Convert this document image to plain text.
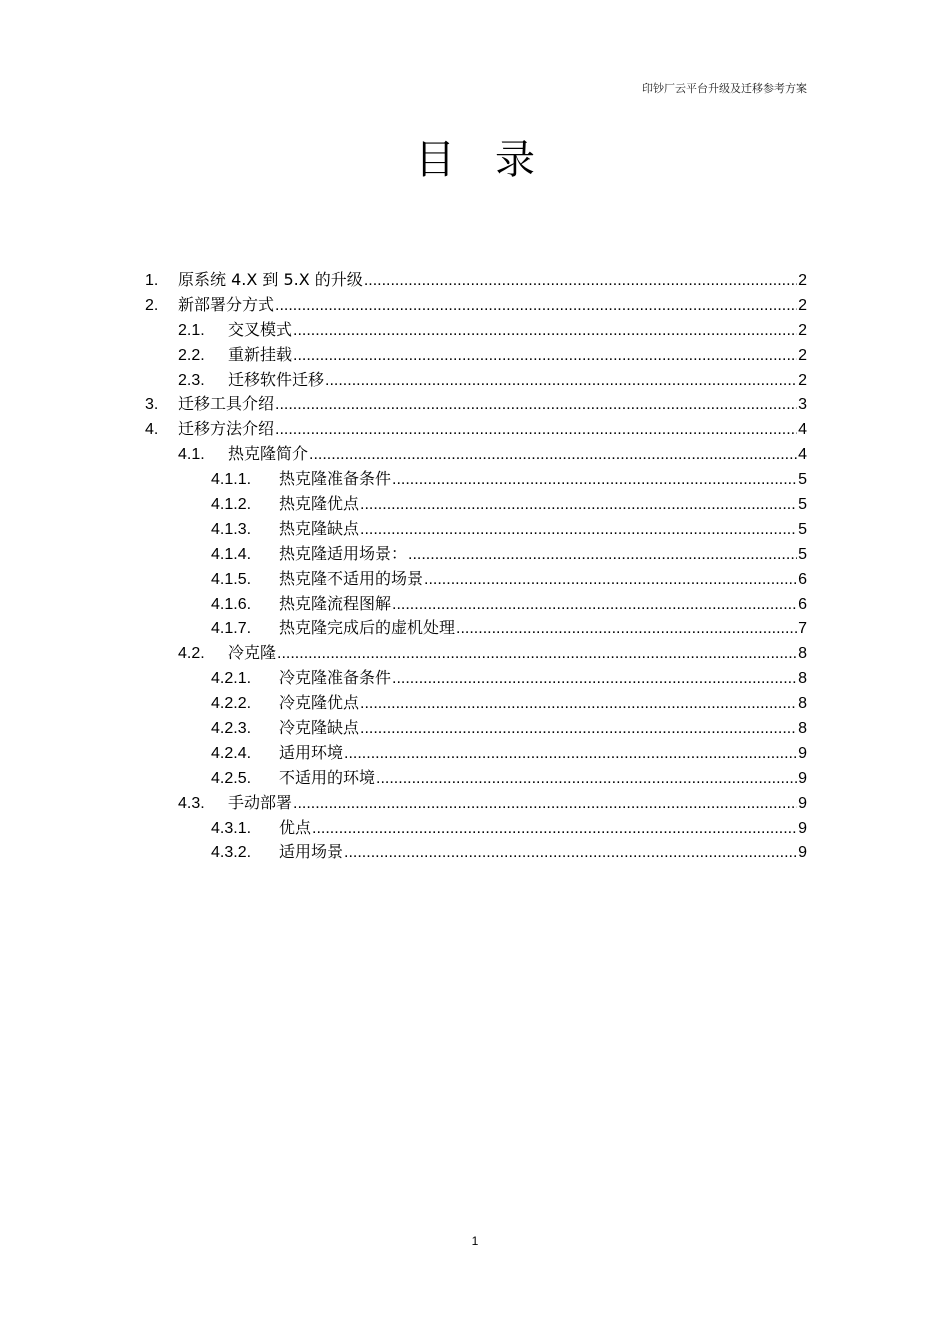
印钞厂云平台升级及迁移参考方案
目录
1.	原系统 4.X 到 5.X 的升级 .....	2
2.	新部署分方式 .....	2
2.1.	交叉模式 .....	2
2.2.	重新挂载 .....	2
2.3.	迁移软件迁移 .....	2
3.	迁移工具介绍 .....	3
4.	迁移方法介绍 .....	4
4.1.	热克隆简介 .....	4
4.1.1.	热克隆准备条件 .....	5
4.1.2.	热克隆优点 .....	5
4.1.3.	热克隆缺点 .....	5
4.1.4.	热克隆适用场景： .....	5
4.1.5.	热克隆不适用的场景 .....	6
4.1.6.	热克隆流程图解 .....	6
4.1.7.	热克隆完成后的虚机处理 .....	7
4.2.	冷克隆 .....	8
4.2.1.	冷克隆准备条件 .....	8
4.2.2.	冷克隆优点 .....	8
4.2.3.	冷克隆缺点 .....	8
4.2.4.	适用环境 .....	9
4.2.5.	不适用的环境 .....	9
4.3.	手动部署 .....	9
4.3.1.	优点 .....	9
4.3.2.	适用场景 .....	9
1
